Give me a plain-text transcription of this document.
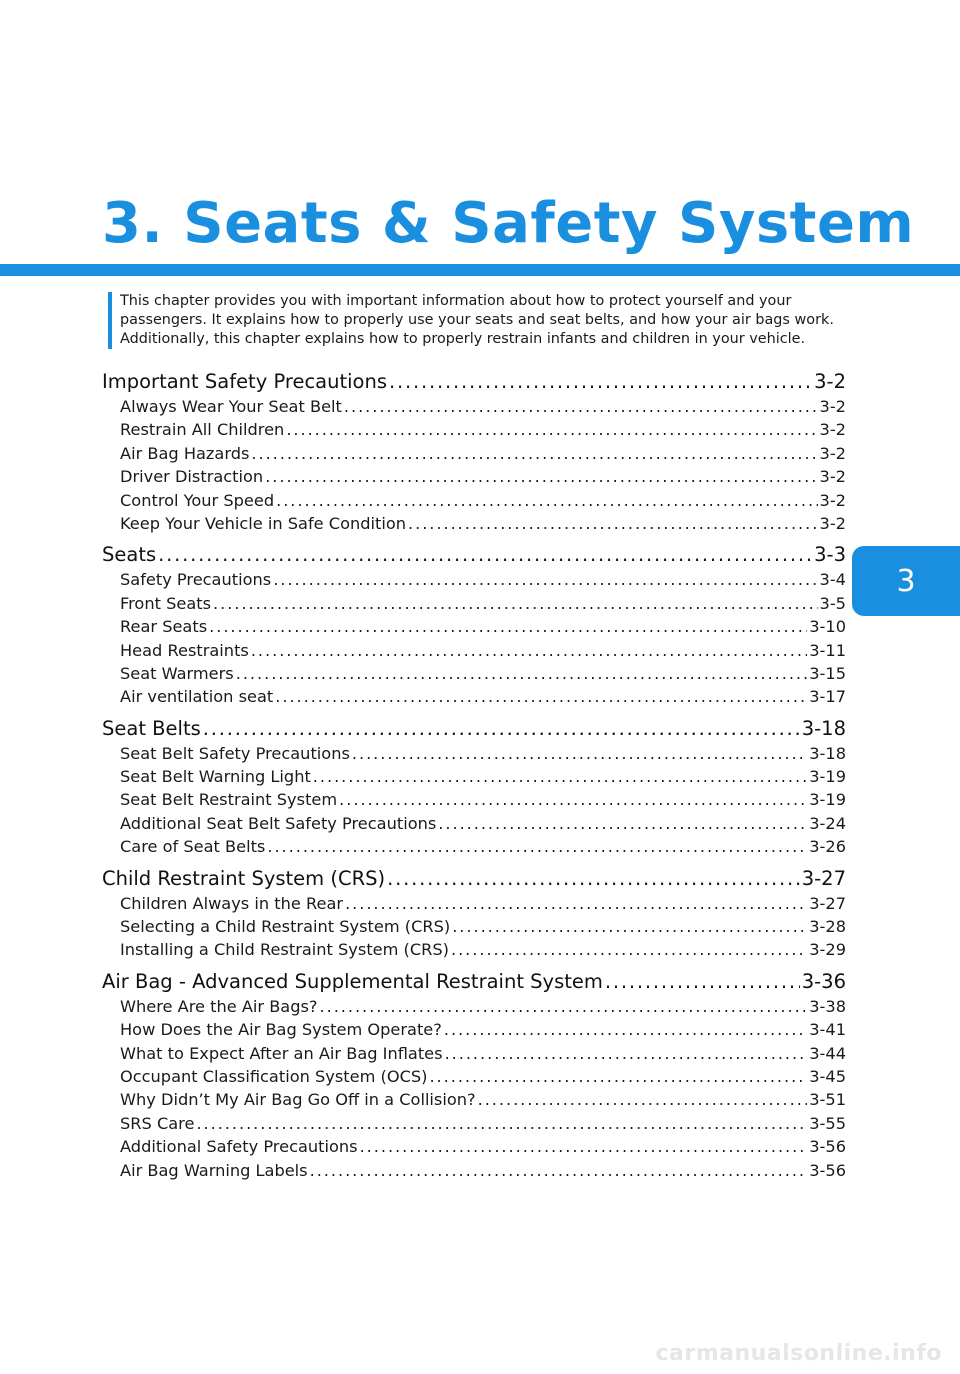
3. Seats & Safety System
This chapter provides you with important information about how to protect yourself and your
passengers. It explains how to properly use your seats and seat belts, and how your air bags work.
Additionally, this chapter explains how to properly restrain infants and children in your vehicle.
Important Safety Precautions . . .	3-2
Always Wear Your Seat Belt . . .	3-2
Restrain All Children . . .	3-2
Air Bag Hazards . . .	3-2
Driver Distraction . . .	3-2
Control Your Speed . . .	3-2
Keep Your Vehicle in Safe Condition . . .	3-2
Seats . . .	3-3
Safety Precautions . . .	3-4
Front Seats . . .	3-5
Rear Seats . . .	3-10
Head Restraints . . .	3-11
Seat Warmers . . .	3-15
Air ventilation seat . . .	3-17
Seat Belts . . .	3-18
Seat Belt Safety Precautions . . .	3-18
Seat Belt Warning Light . . .	3-19
Seat Belt Restraint System . . .	3-19
Additional Seat Belt Safety Precautions . . .	3-24
Care of Seat Belts . . .	3-26
Child Restraint System (CRS) . . .	3-27
Children Always in the Rear . . .	3-27
Selecting a Child Restraint System (CRS) . . .	3-28
Installing a Child Restraint System (CRS) . . .	3-29
Air Bag - Advanced Supplemental Restraint System . . .	3-36
Where Are the Air Bags? . . .	3-38
How Does the Air Bag System Operate? . . .	3-41
What to Expect After an Air Bag Inflates . . .	3-44
Occupant Classification System (OCS) . . .	3-45
Why Didn’t My Air Bag Go Off in a Collision? . . .	3-51
SRS Care . . .	3-55
Additional Safety Precautions . . .	3-56
Air Bag Warning Labels . . .	3-56
3
carmanualsonline.info
